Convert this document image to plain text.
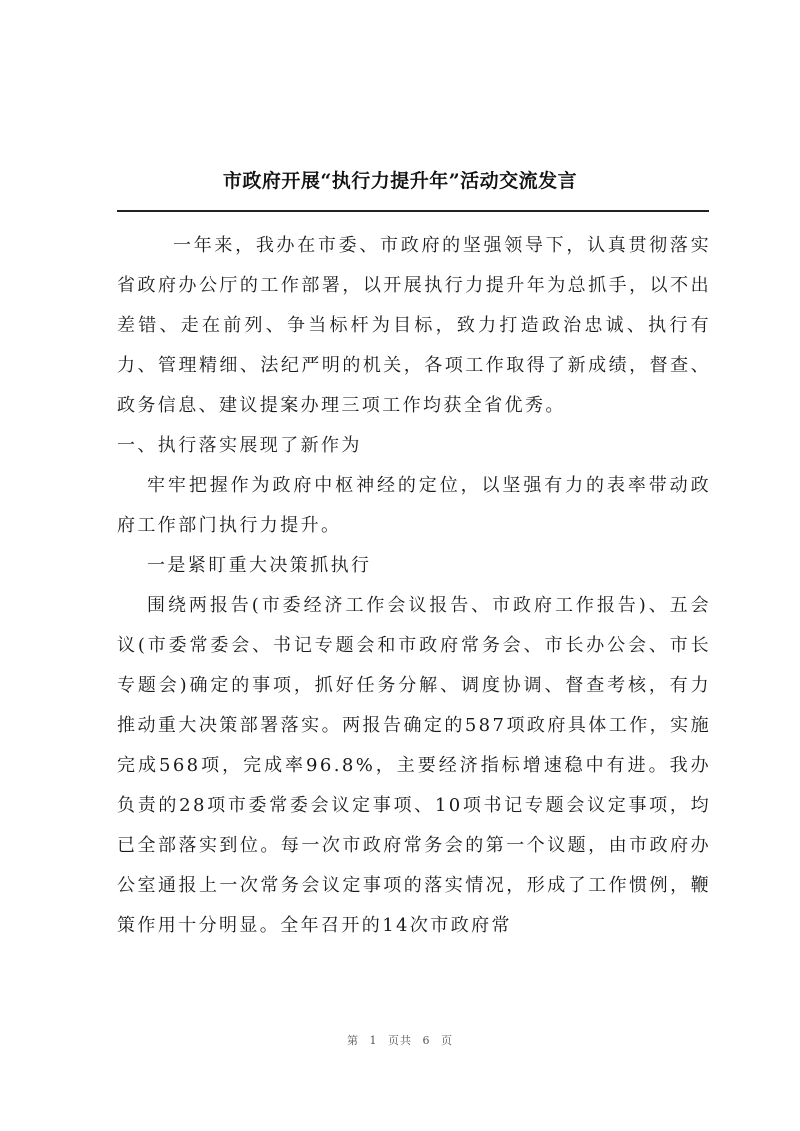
市政府开展“执行力提升年”活动交流发言

一年来，我办在市委、市政府的坚强领导下，认真贯彻落实省政府办公厅的工作部署，以开展执行力提升年为总抓手，以不出差错、走在前列、争当标杆为目标，致力打造政治忠诚、执行有力、管理精细、法纪严明的机关，各项工作取得了新成绩，督查、政务信息、建议提案办理三项工作均获全省优秀。

一、执行落实展现了新作为

牢牢把握作为政府中枢神经的定位，以坚强有力的表率带动政府工作部门执行力提升。

一是紧盯重大决策抓执行

围绕两报告(市委经济工作会议报告、市政府工作报告)、五会议(市委常委会、书记专题会和市政府常务会、市长办公会、市长专题会)确定的事项，抓好任务分解、调度协调、督查考核，有力推动重大决策部署落实。两报告确定的587项政府具体工作，实施完成568项，完成率96.8%，主要经济指标增速稳中有进。我办负责的28项市委常委会议定事项、10项书记专题会议定事项，均已全部落实到位。每一次市政府常务会的第一个议题，由市政府办公室通报上一次常务会议定事项的落实情况，形成了工作惯例，鞭策作用十分明显。全年召开的14次市政府常

第 1 页共 6 页
